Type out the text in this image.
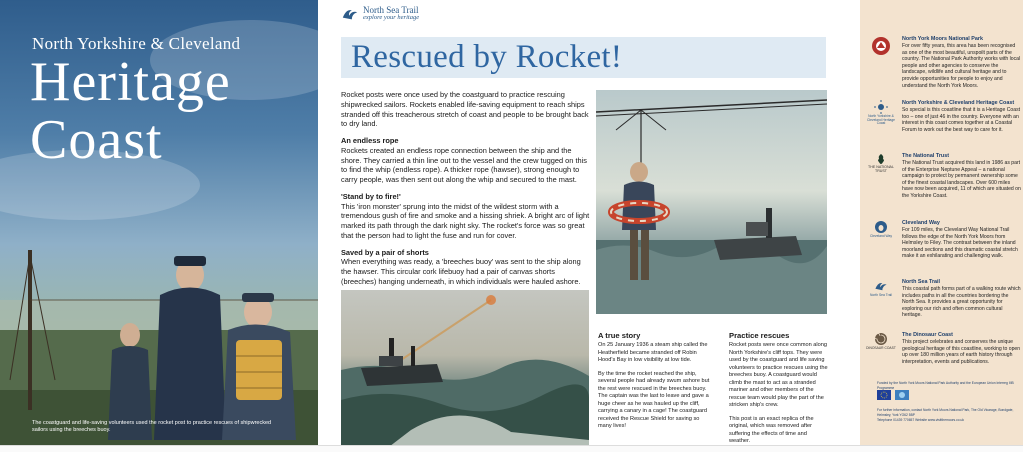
North Yorkshire & Cleveland
Heritage
Coast
The coastguard and life-saving volunteers used the rocket post to practice rescues of shipwrecked sailors using the breeches buoy.
North Sea Trail
explore your heritage
Rescued by Rocket!

Rocket posts were once used by the coastguard to practice rescuing shipwrecked sailors. Rockets enabled life-saving equipment to reach ships stranded off this treacherous stretch of coast and people to be brought back to dry land.

An endless rope

Rockets created an endless rope connection between the ship and the shore. They carried a thin line out to the vessel and the crew tugged on this to find the whip (endless rope). A thicker rope (hawser), strong enough to carry people, was then sent out along the whip and secured to the mast.

'Stand by to fire!'

This 'iron monster' sprung into the midst of the wildest storm with a tremendous gush of fire and smoke and a hissing shriek. A bright arc of light marked its path through the dark night sky. The rocket's force was so great that the person had to light the fuse and run for cover.

Saved by a pair of shorts

When everything was ready, a 'breeches buoy' was sent to the ship along the hawser. This circular cork lifebuoy had a pair of canvas shorts (breeches) hanging underneath, in which individuals were hauled ashore.

A true story

On 25 January 1936 a steam ship called the Heatherfield became stranded off Robin Hood's Bay in low visibility at low tide.

By the time the rocket reached the ship, several people had already swum ashore but the rest were rescued in the breeches buoy. The captain was the last to leave and gave a huge cheer as he was hauled up the cliff, carrying a canary in a cage! The coastguard received the Rescue Shield for saving so many lives!

Practice rescues

Rocket posts were once common along North Yorkshire's cliff tops. They were used by the coastguard and life saving volunteers to practice rescues using the breeches buoy. A coastguard would climb the mast to act as a stranded mariner and other members of the rescue team would play the part of the stricken ship's crew.

This post is an exact replica of the original, which was removed after suffering the effects of time and weather.

North York Moors National Park

For over fifty years, this area has been recognised as one of the most beautiful, unspoilt parts of the country. The National Park Authority works with local people and other agencies to conserve the landscape, wildlife and cultural heritage and to provide opportunities for people to enjoy and understand the North York Moors.

North Yorkshire & Cleveland Heritage Coast
North Yorkshire & Cleveland Heritage Coast

So special is this coastline that it is a Heritage Coast too – one of just 46 in the country. Everyone with an interest in this coast comes together at a Coastal Forum to work out the best way to care for it.

THE NATIONAL TRUST
The National Trust

The National Trust acquired this land in 1986 as part of the Enterprise Neptune Appeal – a national campaign to protect by permanent ownership some of the finest coastal landscapes. Over 600 miles have now been acquired, 11 of which are situated on the Yorkshire Coast.

Cleveland Way
Cleveland Way

For 109 miles, the Cleveland Way National Trail follows the edge of the North York Moors from Helmsley to Filey. The contrast between the inland moorland sections and this dramatic coastal stretch make it an exhilarating and challenging walk.

North Sea Trail
North Sea Trail

This coastal path forms part of a walking route which includes paths in all the countries bordering the North Sea. It provides a great opportunity for exploring our rich and often common cultural heritage.

DINOSAUR COAST
The Dinosaur Coast

This project celebrates and conserves the unique geological heritage of this coastline, working to open up over 180 million years of earth history through interpretation, events and publications.

Funded by the North York Moors National Park Authority and the European Union Interreg IIIB Programme
For further information, contact North York Moors National Park, The Old Vicarage, Bondgate, Helmsley, York YO62 5BP
Telephone 01439 770657 Website www.visitthemoors.co.uk
